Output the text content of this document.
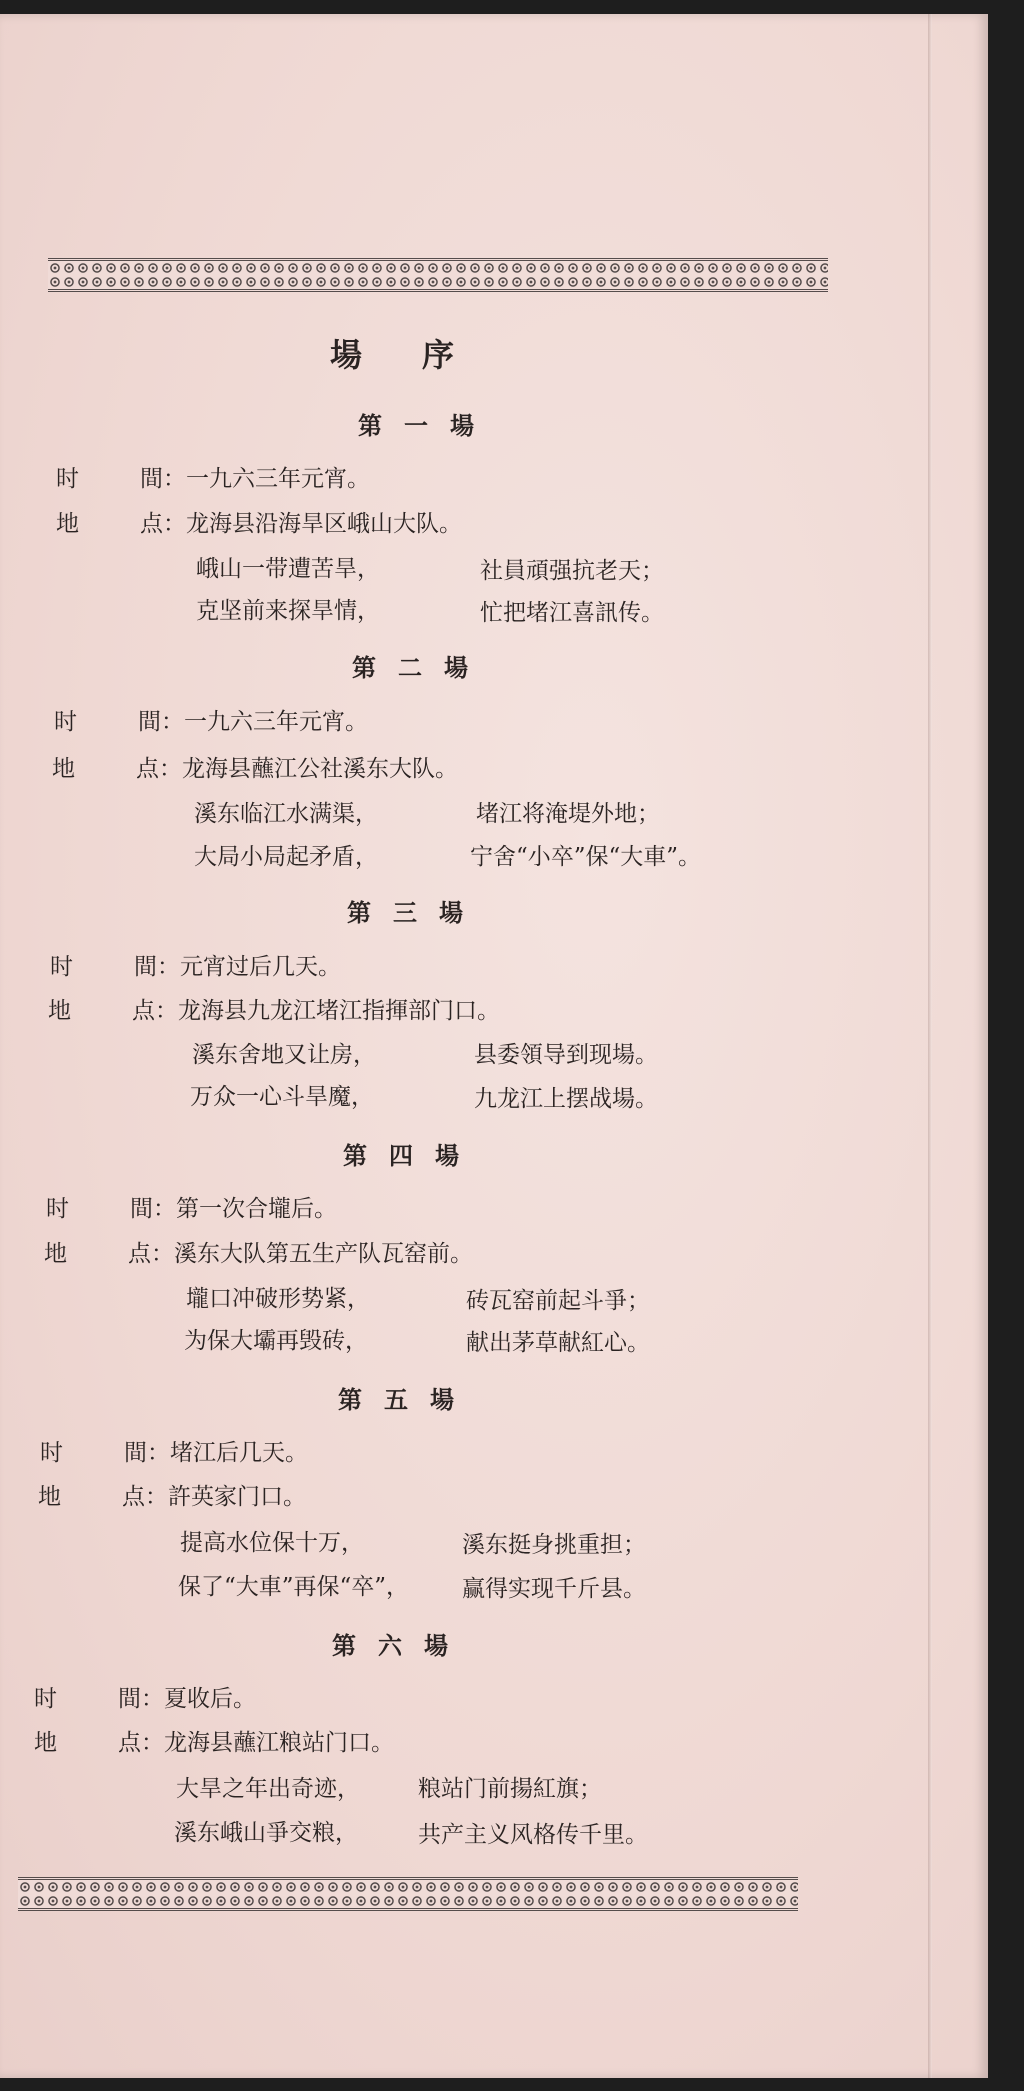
場序
第一場
时	間：一九六三年元宵。
地	点：龙海县沿海旱区峨山大队。
峨山一带遭苦旱，	社員頑强抗老天；
克坚前来探旱情，	忙把堵江喜訊传。
第二場
时	間：一九六三年元宵。
地	点：龙海县蘸江公社溪东大队。
溪东临江水满渠，	堵江将淹堤外地；
大局小局起矛盾，	宁舍“小卒”保“大車”。
第三場
时	間：元宵过后几天。
地	点：龙海县九龙江堵江指揮部门口。
溪东舍地又让房，	县委領导到现場。
万众一心斗旱魔，	九龙江上摆战場。
第四場
时	間：第一次合壠后。
地	点：溪东大队第五生产队瓦窑前。
壠口冲破形势紧，	砖瓦窑前起斗爭；
为保大壩再毁砖，	献出茅草献紅心。
第五場
时	間：堵江后几天。
地	点：許英家门口。
提高水位保十万，	溪东挺身挑重担；
保了“大車”再保“卒”， 赢得实现千斤县。
第六場
时	間：夏收后。
地	点：龙海县蘸江粮站门口。
大旱之年出奇迹，	粮站门前揚紅旗；
溪东峨山爭交粮，	共产主义风格传千里。
